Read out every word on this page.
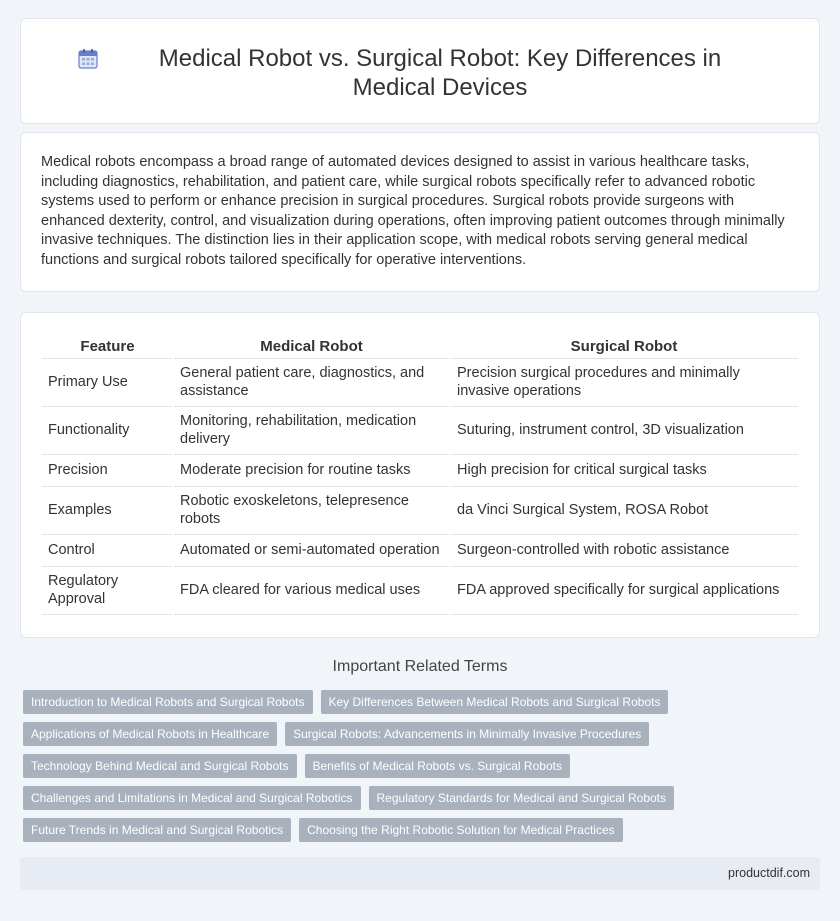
Medical Robot vs. Surgical Robot: Key Differences in Medical Devices

Medical robots encompass a broad range of automated devices designed to assist in various healthcare tasks, including diagnostics, rehabilitation, and patient care, while surgical robots specifically refer to advanced robotic systems used to perform or enhance precision in surgical procedures. Surgical robots provide surgeons with enhanced dexterity, control, and visualization during operations, often improving patient outcomes through minimally invasive techniques. The distinction lies in their application scope, with medical robots serving general medical functions and surgical robots tailored specifically for operative interventions.

Feature	Medical Robot	Surgical Robot
Primary Use	General patient care, diagnostics, and assistance	Precision surgical procedures and minimally invasive operations
Functionality	Monitoring, rehabilitation, medication delivery	Suturing, instrument control, 3D visualization
Precision	Moderate precision for routine tasks	High precision for critical surgical tasks
Examples	Robotic exoskeletons, telepresence robots	da Vinci Surgical System, ROSA Robot
Control	Automated or semi-automated operation	Surgeon-controlled with robotic assistance
Regulatory Approval	FDA cleared for various medical uses	FDA approved specifically for surgical applications
Important Related Terms
Introduction to Medical Robots and Surgical Robots	Key Differences Between Medical Robots and Surgical Robots
Applications of Medical Robots in Healthcare	Surgical Robots: Advancements in Minimally Invasive Procedures
Technology Behind Medical and Surgical Robots	Benefits of Medical Robots vs. Surgical Robots
Challenges and Limitations in Medical and Surgical Robotics	Regulatory Standards for Medical and Surgical Robots
Future Trends in Medical and Surgical Robotics	Choosing the Right Robotic Solution for Medical Practices
productdif.com
